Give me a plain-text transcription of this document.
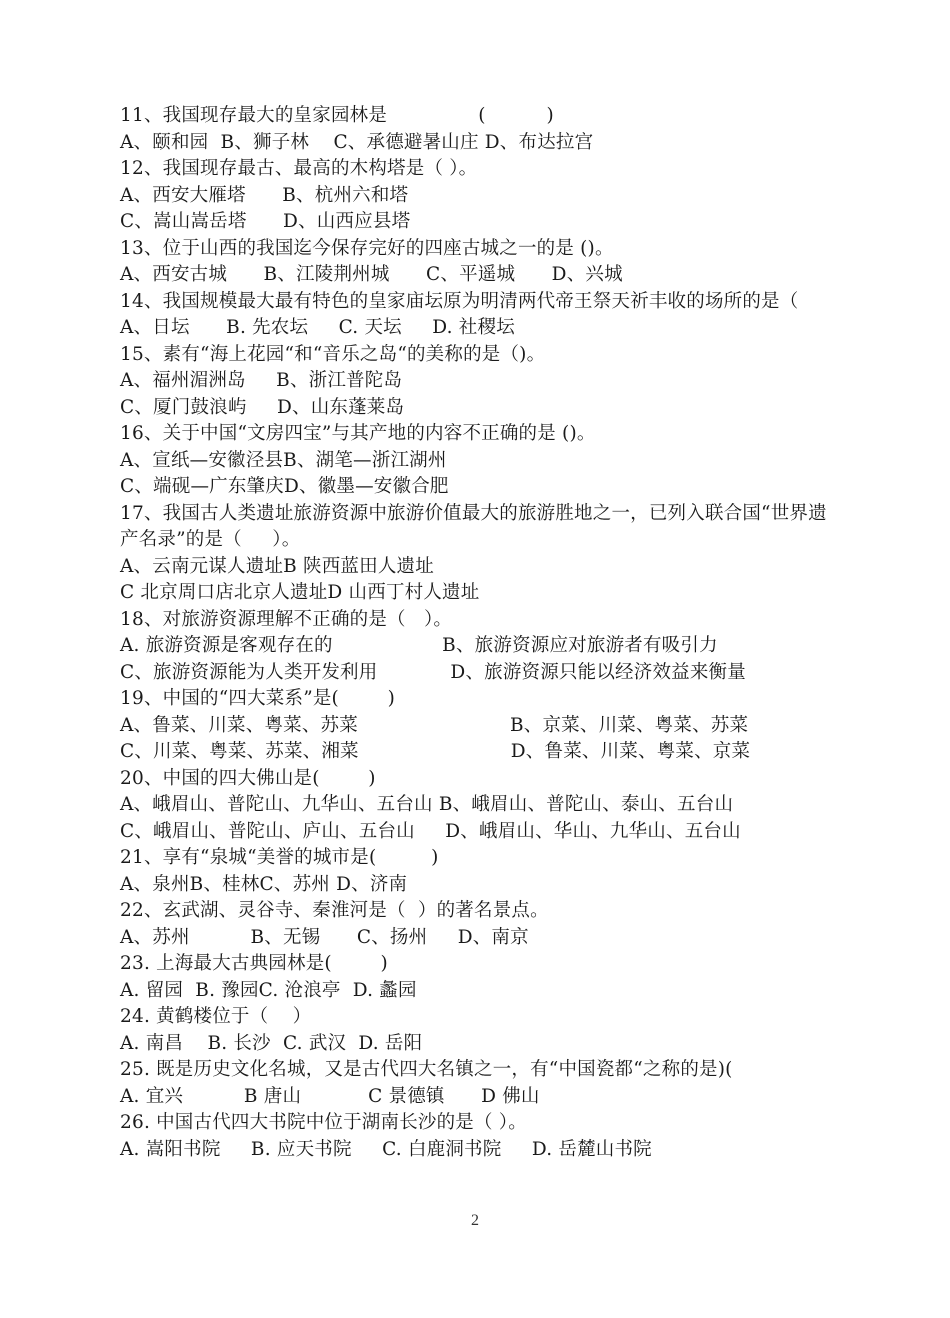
11、我国现存最大的皇家园林是               (          )
A、颐和园  B、狮子林    C、承德避暑山庄 D、布达拉宫
12、我国现存最古、最高的木构塔是（ ）。
A、西安大雁塔      B、杭州六和塔
C、嵩山嵩岳塔      D、山西应县塔
13、位于山西的我国迄今保存完好的四座古城之一的是 ()。
A、西安古城      B、江陵荆州城      C、平遥城      D、兴城
14、我国规模最大最有特色的皇家庙坛原为明清两代帝王祭天祈丰收的场所的是（
A、日坛      B. 先农坛     C. 天坛     D. 社稷坛
15、素有“海上花园“和“音乐之岛“的美称的是（)。
A、福州湄洲岛     B、浙江普陀岛
C、厦门鼓浪屿     D、山东蓬莱岛
16、关于中国“文房四宝”与其产地的内容不正确的是 ()。
A、宣纸—安徽泾县B、湖笔—浙江湖州
C、端砚—广东肇庆D、徽墨—安徽合肥
17、我国古人类遗址旅游资源中旅游价值最大的旅游胜地之一，已列入联合国“世界遗
产名录”的是（     ）。
A、云南元谋人遗址B 陕西蓝田人遗址
C 北京周口店北京人遗址D 山西丁村人遗址
18、对旅游资源理解不正确的是（   ）。
A. 旅游资源是客观存在的                  B、旅游资源应对旅游者有吸引力
C、旅游资源能为人类开发利用            D、旅游资源只能以经济效益来衡量
19、中国的“四大菜系”是(        )
A、鲁菜、川菜、粤菜、苏菜                         B、京菜、川菜、粤菜、苏菜
C、川菜、粤菜、苏菜、湘菜                         D、鲁菜、川菜、粤菜、京菜
20、中国的四大佛山是(        )
A、峨眉山、普陀山、九华山、五台山 B、峨眉山、普陀山、泰山、五台山
C、峨眉山、普陀山、庐山、五台山     D、峨眉山、华山、九华山、五台山
21、享有“泉城“美誉的城市是(         )
A、泉州B、桂林C、苏州 D、济南
22、玄武湖、灵谷寺、秦淮河是（  ）的著名景点。
A、苏州          B、无锡      C、扬州     D、南京
23. 上海最大古典园林是(        )
A. 留园  B. 豫园C. 沧浪亭  D. 蠡园
24. 黄鹤楼位于（    ）
A. 南昌    B. 长沙  C. 武汉  D. 岳阳
25. 既是历史文化名城，又是古代四大名镇之一，有“中国瓷都“之称的是)(
A. 宜兴          B 唐山           C 景德镇      D 佛山
26. 中国古代四大书院中位于湖南长沙的是（ ）。
A. 嵩阳书院     B. 应天书院     C. 白鹿洞书院     D. 岳麓山书院
2
